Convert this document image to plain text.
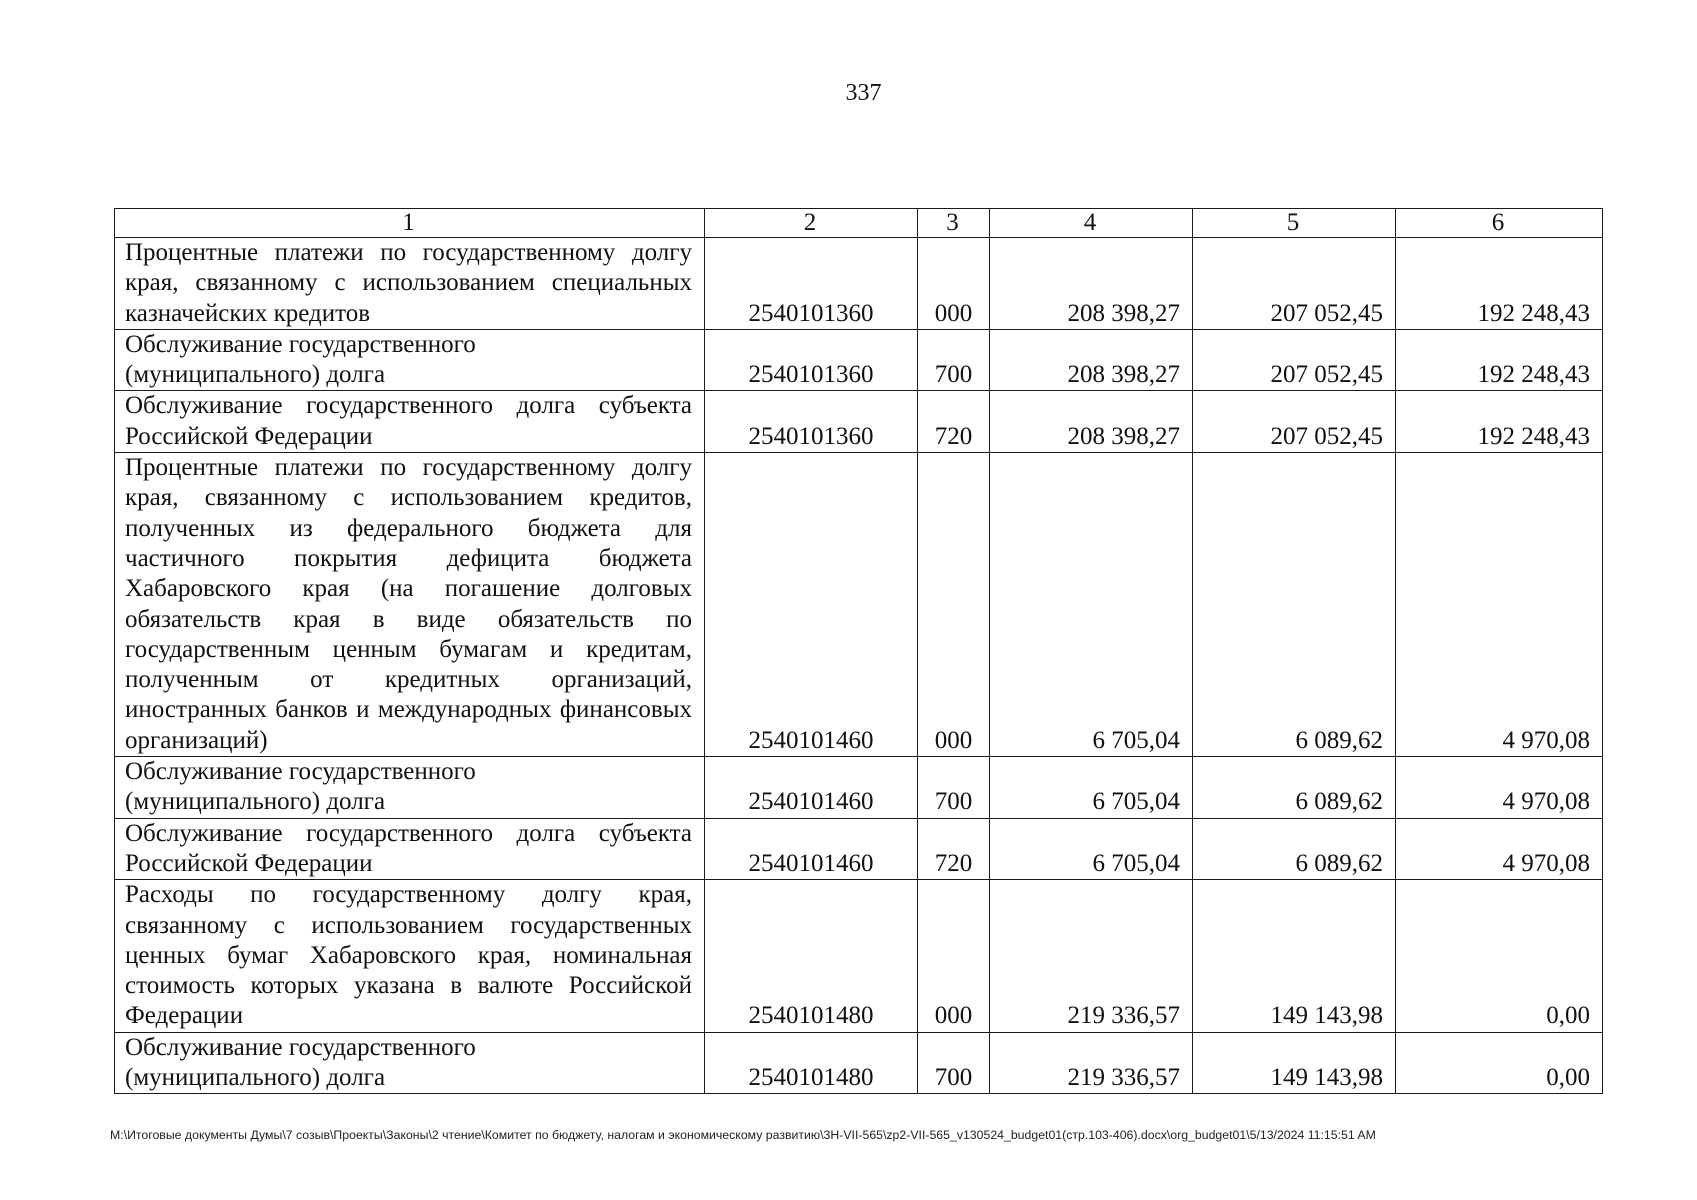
337
1	2	3	4	5	6
Процентные платежи по государственному долгу края, связанному с использованием специальных казначейских кредитов	2540101360	000	208 398,27	207 052,45	192 248,43

Обслуживание государственного
(муниципального) долга	2540101360	700	208 398,27	207 052,45	192 248,43
Обслуживание государственного долга субъекта Российской Федерации	2540101360	720	208 398,27	207 052,45	192 248,43
Процентные платежи по государственному долгу края, связанному с использованием кредитов, полученных из федерального бюджета для частичного покрытия дефицита бюджета Хабаровского края (на погашение долговых обязательств края в виде обязательств по государственным ценным бумагам и кредитам, полученным от кредитных организаций, иностранных банков и международных финансовых организаций)	2540101460	000	6 705,04	6 089,62	4 970,08

Обслуживание государственного
(муниципального) долга	2540101460	700	6 705,04	6 089,62	4 970,08
Обслуживание государственного долга субъекта Российской Федерации	2540101460	720	6 705,04	6 089,62	4 970,08
Расходы по государственному долгу края, связанному с использованием государственных ценных бумаг Хабаровского края, номинальная стоимость которых указана в валюте Российской Федерации	2540101480	000	219 336,57	149 143,98	0,00

Обслуживание государственного
(муниципального) долга	2540101480	700	219 336,57	149 143,98	0,00
M:\Итоговые документы Думы\7 созыв\Проекты\Законы\2 чтение\Комитет по бюджету, налогам и экономическому развитию\3Н-VII-565\zp2-VII-565_v130524_budget01(стр.103-406).docx\org_budget01\5/13/2024 11:15:51 AM
